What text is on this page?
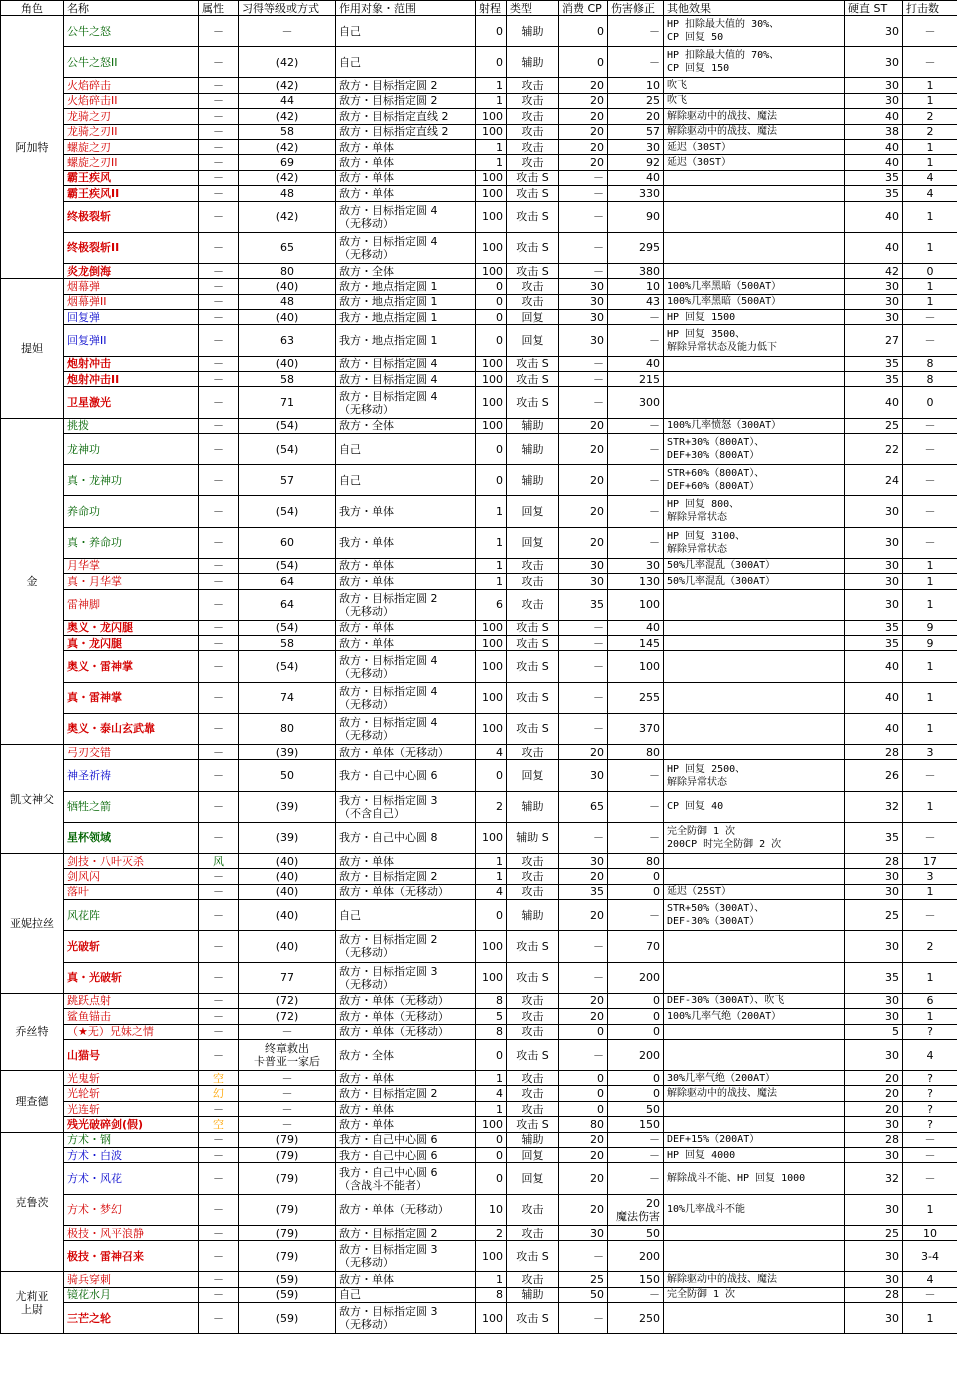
角色	名称	属性	习得等级或方式	作用对象・范围	射程	类型	消费 CP	伤害修正	其他效果	硬直 ST	打击数
阿加特	公牛之怒	－	－	自己	0	辅助	0	－	HP 扣除最大值的 30%、
CP 回复 50	30	－
	公牛之怒II	－	(42)	自己	0	辅助	0	－	HP 扣除最大值的 70%、
CP 回复 150	30	－
	火焰碎击	－	(42)	敌方・目标指定圆 2	1	攻击	20	10	吹飞	30	1
	火焰碎击II	－	44	敌方・目标指定圆 2	1	攻击	20	25	吹飞	30	1
	龙骑之刃	－	(42)	敌方・目标指定直线 2	100	攻击	20	20	解除驱动中的战技、魔法	40	2
	龙骑之刃II	－	58	敌方・目标指定直线 2	100	攻击	20	57	解除驱动中的战技、魔法	38	2
	螺旋之刃	－	(42)	敌方・单体	1	攻击	20	30	延迟（30ST）	40	1
	螺旋之刃II	－	69	敌方・单体	1	攻击	20	92	延迟（30ST）	40	1
	霸王疾风	－	(42)	敌方・单体	100	攻击 S	－	40		35	4
	霸王疾风II	－	48	敌方・单体	100	攻击 S	－	330		35	4
	终极裂斩	－	(42)	敌方・目标指定圆 4
（无移动）	100	攻击 S	－	90		40	1
	终极裂斩II	－	65	敌方・目标指定圆 4
（无移动）	100	攻击 S	－	295		40	1
	炎龙倒海	－	80	敌方・全体	100	攻击 S	－	380		42	0
提妲	烟幕弹	－	(40)	敌方・地点指定圆 1	0	攻击	30	10	100%几率黑暗（500AT）	30	1
	烟幕弹II	－	48	敌方・地点指定圆 1	0	攻击	30	43	100%几率黑暗（500AT）	30	1
	回复弹	－	(40)	我方・地点指定圆 1	0	回复	30	－	HP 回复 1500	30	－
	回复弹II	－	63	我方・地点指定圆 1	0	回复	30	－	HP 回复 3500、
解除异常状态及能力低下	27	－
	炮射冲击	－	(40)	敌方・目标指定圆 4	100	攻击 S	－	40		35	8
	炮射冲击II	－	58	敌方・目标指定圆 4	100	攻击 S	－	215		35	8
	卫星激光	－	71	敌方・目标指定圆 4
（无移动）	100	攻击 S	－	300		40	0
金	挑拨	－	(54)	敌方・全体	100	辅助	20	－	100%几率愤怒（300AT）	25	－
	龙神功	－	(54)	自己	0	辅助	20	－	STR+30%（800AT）、
DEF+30%（800AT）	22	－
	真・龙神功	－	57	自己	0	辅助	20	－	STR+60%（800AT）、
DEF+60%（800AT）	24	－
	养命功	－	(54)	我方・单体	1	回复	20	－	HP 回复 800、
解除异常状态	30	－
	真・养命功	－	60	我方・单体	1	回复	20	－	HP 回复 3100、
解除异常状态	30	－
	月华掌	－	(54)	敌方・单体	1	攻击	30	30	50%几率混乱（300AT）	30	1
	真・月华掌	－	64	敌方・单体	1	攻击	30	130	50%几率混乱（300AT）	30	1
	雷神脚	－	64	敌方・目标指定圆 2
（无移动）	6	攻击	35	100		30	1
	奥义・龙闪腿	－	(54)	敌方・单体	100	攻击 S	－	40		35	9
	真・龙闪腿	－	58	敌方・单体	100	攻击 S	－	145		35	9
	奥义・雷神掌	－	(54)	敌方・目标指定圆 4
（无移动）	100	攻击 S	－	100		40	1
	真・雷神掌	－	74	敌方・目标指定圆 4
（无移动）	100	攻击 S	－	255		40	1
	奥义・泰山玄武靠	－	80	敌方・目标指定圆 4
（无移动）	100	攻击 S	－	370		40	1
凯文神父	弓刃交错	－	(39)	敌方・单体（无移动）	4	攻击	20	80		28	3
	神圣祈祷	－	50	我方・自己中心圆 6	0	回复	30	－	HP 回复 2500、
解除异常状态	26	－
	牺牲之箭	－	(39)	我方・目标指定圆 3
（不含自己）	2	辅助	65	－	CP 回复 40	32	1
	星杯领域	－	(39)	我方・自己中心圆 8	100	辅助 S	－	－	完全防御 1 次
200CP 时完全防御 2 次	35	－
亚妮拉丝	剑技・八叶灭杀	风	(40)	敌方・单体	1	攻击	30	80		28	17
	剑风闪	－	(40)	敌方・目标指定圆 2	1	攻击	20	0		30	3
	落叶	－	(40)	敌方・单体（无移动）	4	攻击	35	0	延迟（25ST）	30	1
	风花阵	－	(40)	自己	0	辅助	20	－	STR+50%（300AT）、
DEF-30%（300AT）	25	－
	光破斩	－	(40)	敌方・目标指定圆 2
（无移动）	100	攻击 S	－	70		30	2
	真・光破斩	－	77	敌方・目标指定圆 3
（无移动）	100	攻击 S	－	200		35	1
乔丝特	跳跃点射	－	(72)	敌方・单体（无移动）	8	攻击	20	0	DEF-30%（300AT）、吹飞	30	6
	鲨鱼锚击	－	(72)	敌方・单体（无移动）	5	攻击	20	0	100%几率气绝（200AT）	30	1
	（★无）兄妹之情	－	－	敌方・单体（无移动）	8	攻击	0	0		5	?
	山猫号	－	终章救出
卡普亚一家后	敌方・全体	0	攻击 S	－	200		30	4
理查德	光鬼斩	空	－	敌方・单体	1	攻击	0	0	30%几率气绝（200AT）	20	?
	光轮斩	幻	－	敌方・目标指定圆 2	4	攻击	0	0	解除驱动中的战技、魔法	20	?
	光连斩	－	－	敌方・单体	1	攻击	0	50		20	?
	残光破碎剑(假)	空	－	敌方・单体	100	攻击 S	80	150		30	?
克鲁茨	方术・钢	－	(79)	我方・自己中心圆 6	0	辅助	20	－	DEF+15%（200AT）	28	－
	方术・白波	－	(79)	我方・自己中心圆 6	0	回复	20	－	HP 回复 4000	30	－
	方术・风花	－	(79)	我方・自己中心圆 6
（含战斗不能者）	0	回复	20	－	解除战斗不能、HP 回复 1000	32	－
	方术・梦幻	－	(79)	敌方・单体（无移动）	10	攻击	20	20
魔法伤害	10%几率战斗不能	30	1
	极技・风平浪静	－	(79)	敌方・目标指定圆 2	2	攻击	30	50		25	10
	极技・雷神召来	－	(79)	敌方・目标指定圆 3
（无移动）	100	攻击 S	－	200		30	3-4
尤莉亚
上尉	骑兵穿刺	－	(59)	敌方・单体	1	攻击	25	150	解除驱动中的战技、魔法	30	4
	镜花水月	－	(59)	自己	8	辅助	50	－	完全防御 1 次	28	－
	三芒之轮	－	(59)	敌方・目标指定圆 3
（无移动）	100	攻击 S	－	250		30	1
